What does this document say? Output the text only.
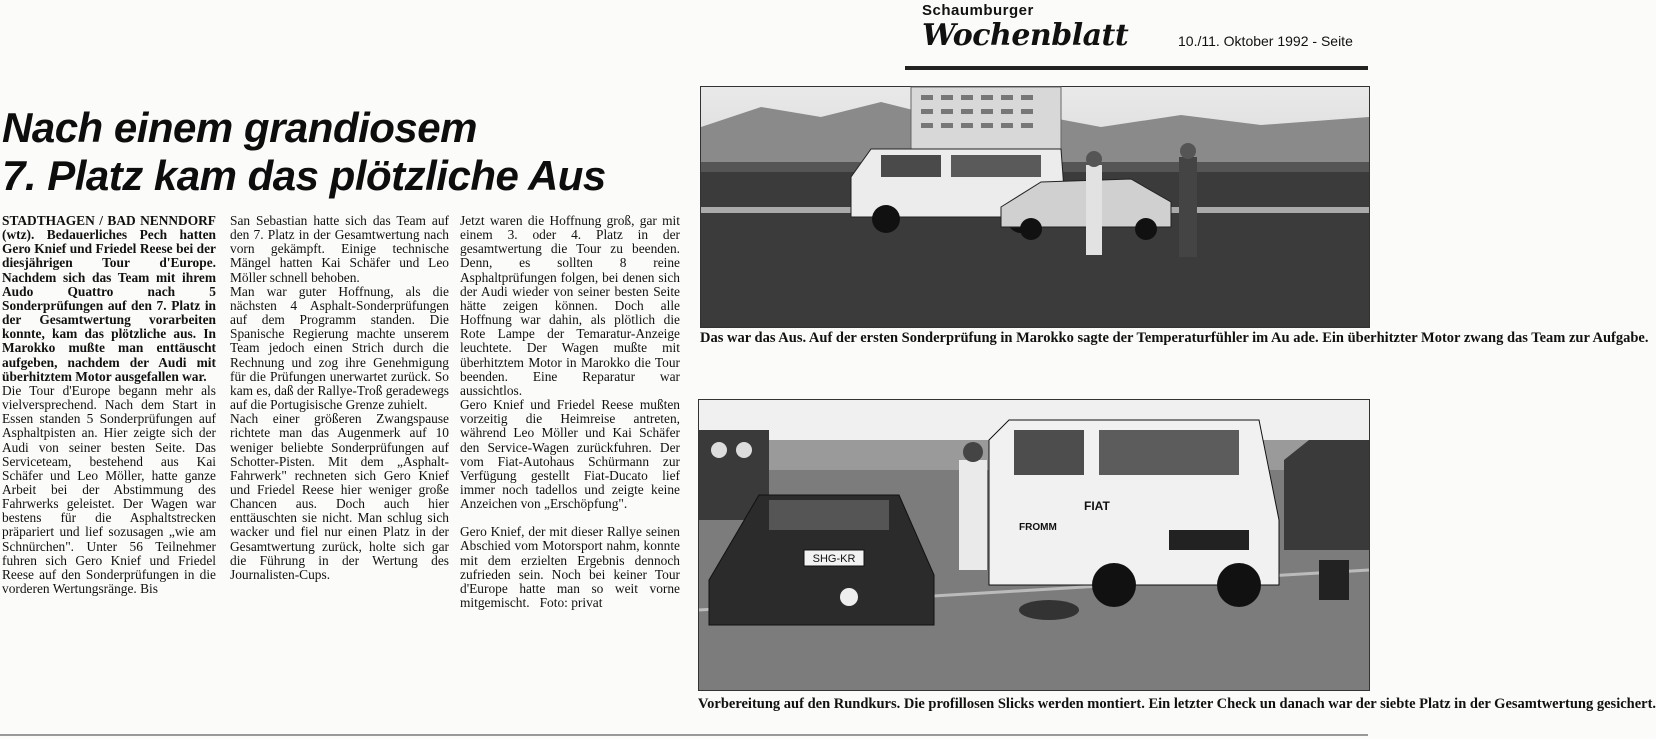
Schaumburger
Wochenblatt	10./11. Oktober 1992 - Seite
Nach einem grandiosem
7. Platz kam das plötzliche Aus

STADTHAGEN / BAD NENNDORF (wtz). Bedauerliches Pech hatten Gero Knief und Friedel Reese bei der diesjährigen Tour d'Europe. Nachdem sich das Team mit ihrem Audo Quattro nach 5 Sonderprüfungen auf den 7. Platz in der Gesamtwertung vorarbeiten konnte, kam das plötzliche aus. In Marokko mußte man enttäuscht aufgeben, nachdem der Audi mit überhitztem Motor ausgefallen war.

Die Tour d'Europe begann mehr als vielversprechend. Nach dem Start in Essen standen 5 Sonderprüfungen auf Asphaltpisten an. Hier zeigte sich der Audi von seiner besten Seite. Das Serviceteam, bestehend aus Kai Schäfer und Leo Möller, hatte ganze Arbeit bei der Abstimmung des Fahrwerks geleistet. Der Wagen war bestens für die Asphaltstrecken präpariert und lief sozusagen „wie am Schnürchen". Unter 56 Teilnehmer fuhren sich Gero Knief und Friedel Reese auf den Sonderprüfungen in die vorderen Wertungsränge. Bis

San Sebastian hatte sich das Team auf den 7. Platz in der Gesamtwertung nach vorn gekämpft. Einige technische Mängel hatten Kai Schäfer und Leo Möller schnell behoben.

Man war guter Hoffnung, als die nächsten 4 Asphalt-Sonderprüfungen auf dem Programm standen. Die Spanische Regierung machte unserem Team jedoch einen Strich durch die Rechnung und zog ihre Genehmigung für die Prüfungen unerwartet zurück. So kam es, daß der Rallye-Troß geradewegs auf die Portugisische Grenze zuhielt.

Nach einer größeren Zwangspause richtete man das Augenmerk auf 10 weniger beliebte Sonderprüfungen auf Schotter-Pisten. Mit dem „Asphalt-Fahrwerk" rechneten sich Gero Knief und Friedel Reese hier weniger große Chancen aus. Doch auch hier enttäuschten sie nicht. Man schlug sich wacker und fiel nur einen Platz in der Gesamtwertung zurück, holte sich gar die Führung in der Wertung des Journalisten-Cups.

Jetzt waren die Hoffnung groß, gar mit einem 3. oder 4. Platz in der gesamtwertung die Tour zu beenden. Denn, es sollten 8 reine Asphaltprüfungen folgen, bei denen sich der Audi wieder von seiner besten Seite hätte zeigen können. Doch alle Hoffnung war dahin, als plötlich die Rote Lampe der Temaratur-Anzeige leuchtete. Der Wagen mußte mit überhitztem Motor in Marokko die Tour beenden. Eine Reparatur war aussichtlos.

Gero Knief und Friedel Reese mußten vorzeitig die Heimreise antreten, während Leo Möller und Kai Schäfer den Service-Wagen zurückfuhren. Der vom Fiat-Autohaus Schürmann zur Verfügung gestellt Fiat-Ducato lief immer noch tadellos und zeigte keine Anzeichen von „Erschöpfung".

Gero Knief, der mit dieser Rallye seinen Abschied vom Motorsport nahm, konnte mit dem erzielten Ergebnis dennoch zufrieden sein. Noch bei keiner Tour d'Europe hatte man so weit vorne mitgemischt. Foto: privat

Das war das Aus. Auf der ersten Sonderprüfung in Marokko sagte der Temperaturfühler im Au ade. Ein überhitzter Motor zwang das Team zur Aufgabe.
SHG-KR
FIAT
FROMM
Vorbereitung auf den Rundkurs. Die profillosen Slicks werden montiert. Ein letzter Check un danach war der siebte Platz in der Gesamtwertung gesichert.
